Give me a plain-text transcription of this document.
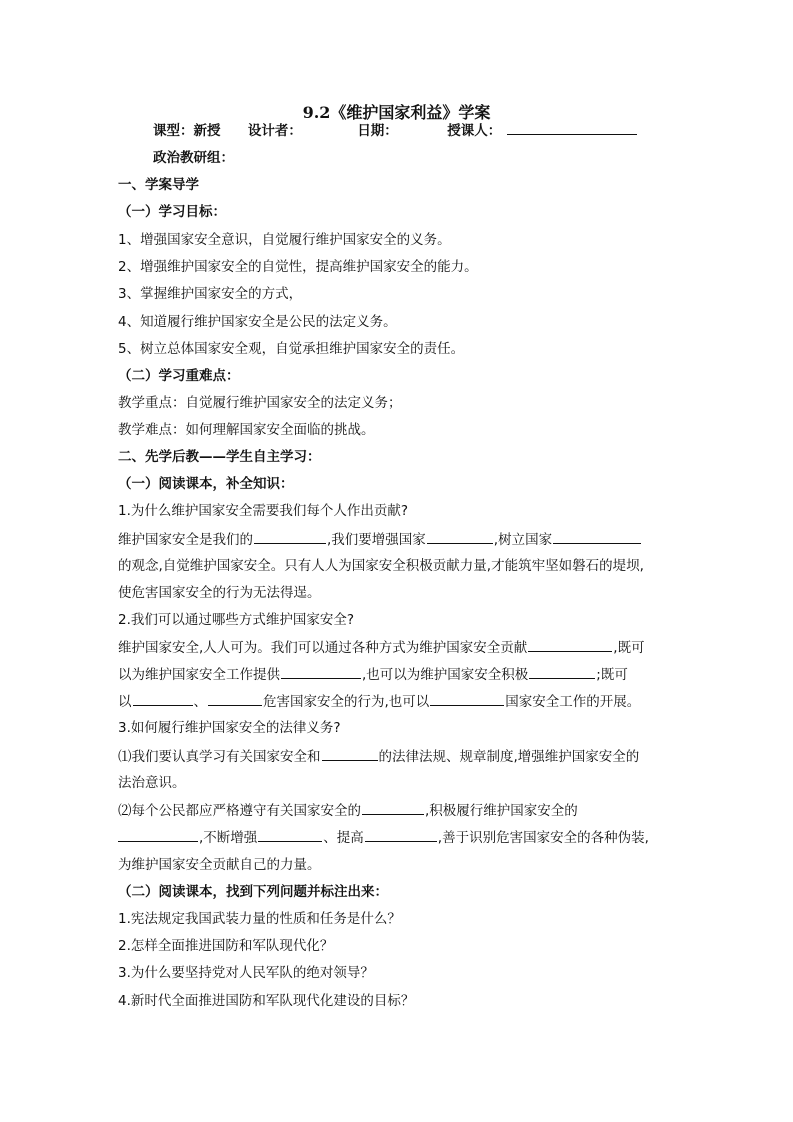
9.2《维护国家利益》学案
课型：新授 设计者：	日期：	授课人：
政治教研组：
一、学案导学
（一）学习目标：
1、增强国家安全意识，自觉履行维护国家安全的义务。
2、增强维护国家安全的自觉性，提高维护国家安全的能力。
3、掌握维护国家安全的方式，
4、知道履行维护国家安全是公民的法定义务。
5、树立总体国家安全观，自觉承担维护国家安全的责任。
（二）学习重难点：
教学重点：自觉履行维护国家安全的法定义务；
教学难点：如何理解国家安全面临的挑战。
二、先学后教——学生自主学习：
（一）阅读课本，补全知识：
1.为什么维护国家安全需要我们每个人作出贡献?
维护国家安全是我们的	,我们要增强国家	,树立国家
的观念,自觉维护国家安全。只有人人为国家安全积极贡献力量,才能筑牢坚如磐石的堤坝,
使危害国家安全的行为无法得逞。
2.我们可以通过哪些方式维护国家安全?
维护国家安全,人人可为。我们可以通过各种方式为维护国家安全贡献	,既可
以为维护国家安全工作提供	,也可以为维护国家安全积极	;既可
以	、	危害国家安全的行为,也可以	国家安全工作的开展。
3.如何履行维护国家安全的法律义务?
⑴我们要认真学习有关国家安全和	的法律法规、规章制度,增强维护国家安全的
法治意识。
⑵每个公民都应严格遵守有关国家安全的	,积极履行维护国家安全的
,不断增强	、提高	,善于识别危害国家安全的各种伪装,
为维护国家安全贡献自己的力量。
（二）阅读课本，找到下列问题并标注出来：
1.宪法规定我国武装力量的性质和任务是什么？
2.怎样全面推进国防和军队现代化？
3.为什么要坚持党对人民军队的绝对领导？
4.新时代全面推进国防和军队现代化建设的目标？
